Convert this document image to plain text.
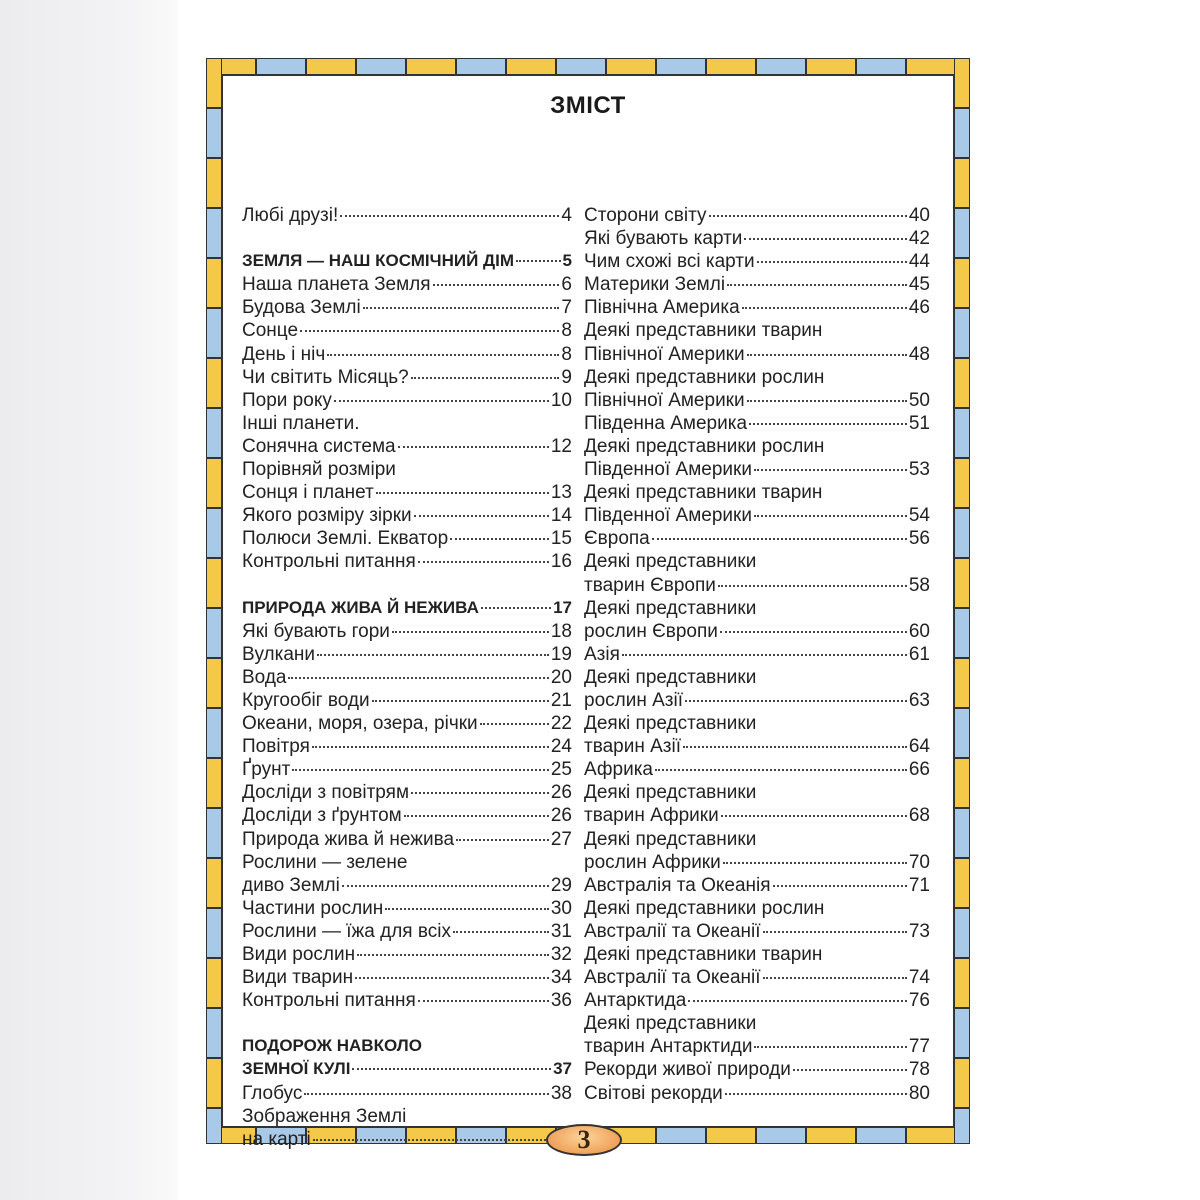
ЗМІСТ
Любі друзі!	4
ЗЕМЛЯ — НАШ КОСМІЧНИЙ ДІМ	5
Наша планета Земля	6
Будова Землі	7
Сонце	8
День і ніч	8
Чи світить Місяць?	9
Пори року	10
Інші планети.
Сонячна система	12
Порівняй розміри
Сонця і планет	13
Якого розміру зірки	14
Полюси Землі. Екватор	15
Контрольні питання	16
ПРИРОДА ЖИВА Й НЕЖИВА	17
Які бувають гори	18
Вулкани	19
Вода	20
Кругообіг води	21
Океани, моря, озера, річки	22
Повітря	24
Ґрунт	25
Досліди з повітрям	26
Досліди з ґрунтом	26
Природа жива й нежива	27
Рослини — зелене
диво Землі	29
Частини рослин	30
Рослини — їжа для всіх	31
Види рослин	32
Види тварин	34
Контрольні питання	36
ПОДОРОЖ НАВКОЛО
ЗЕМНОЇ КУЛІ	37
Глобус	38
Зображення Землі
на карті
Сторони світу	40
Які бувають карти	42
Чим схожі всі карти	44
Материки Землі	45
Північна Америка	46
Деякі представники тварин
Північної Америки	48
Деякі представники рослин
Північної Америки	50
Південна Америка	51
Деякі представники рослин
Південної Америки	53
Деякі представники тварин
Південної Америки	54
Європа	56
Деякі представники
тварин Європи	58
Деякі представники
рослин Європи	60
Азія	61
Деякі представники
рослин Азії	63
Деякі представники
тварин Азії	64
Африка	66
Деякі представники
тварин Африки	68
Деякі представники
рослин Африки	70
Австралія та Океанія	71
Деякі представники рослин
Австралії та Океанії	73
Деякі представники тварин
Австралії та Океанії	74
Антарктида	76
Деякі представники
тварин Антарктиди	77
Рекорди живої природи	78
Світові рекорди	80
3
